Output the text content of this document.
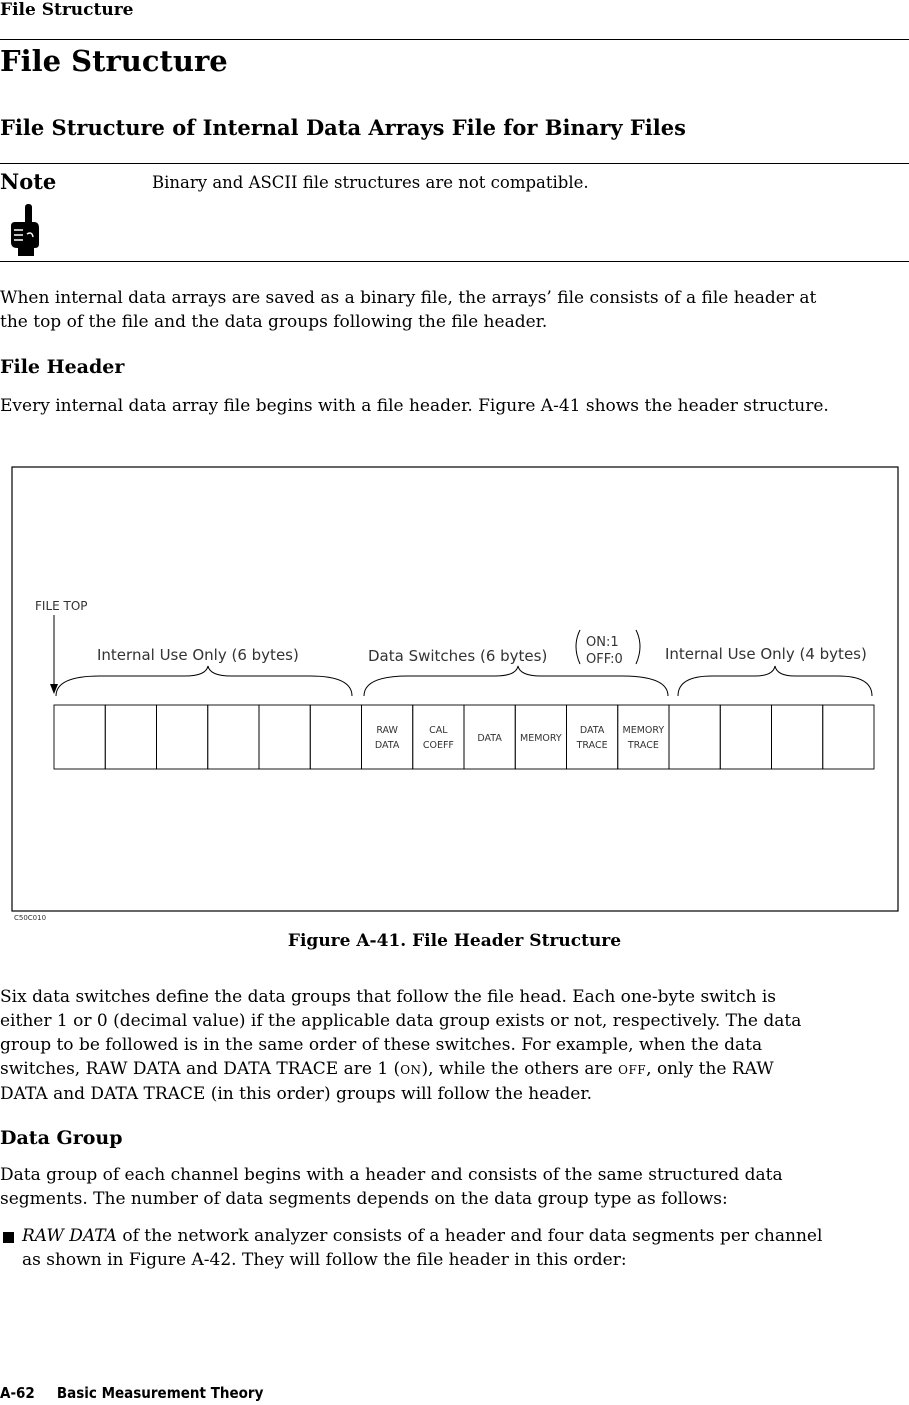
File Structure
File Structure
File Structure of Internal Data Arrays File for Binary Files
Note	Binary and ASCII file structures are not compatible.
When internal data arrays are saved as a binary file, the arrays’ file consists of a file header at
the top of the file and the data groups following the file header.
File Header
Every internal data array file begins with a file header. Figure A-41 shows the header structure.
FILE TOP
Internal Use Only (6 bytes)	Data Switches (6 bytes)
ON:1
OFF:0	Internal Use Only (4 bytes)
RAW
DATA
CAL
COEFF
DATA MEMORY
DATA
TRACE
MEMORY
TRACE
C50C010
Figure A-41. File Header Structure
Six data switches define the data groups that follow the file head. Each one-byte switch is
either 1 or 0 (decimal value) if the applicable data group exists or not, respectively. The data
group to be followed is in the same order of these switches. For example, when the data
switches, RAW DATA and DATA TRACE are 1 (ON), while the others are OFF, only the RAW
DATA and DATA TRACE (in this order) groups will follow the header.
Data Group
Data group of each channel begins with a header and consists of the same structured data
segments. The number of data segments depends on the data group type as follows:
RAW DATA of the network analyzer consists of a header and four data segments per channel
as shown in Figure A-42. They will follow the file header in this order:
A-62 Basic Measurement Theory
